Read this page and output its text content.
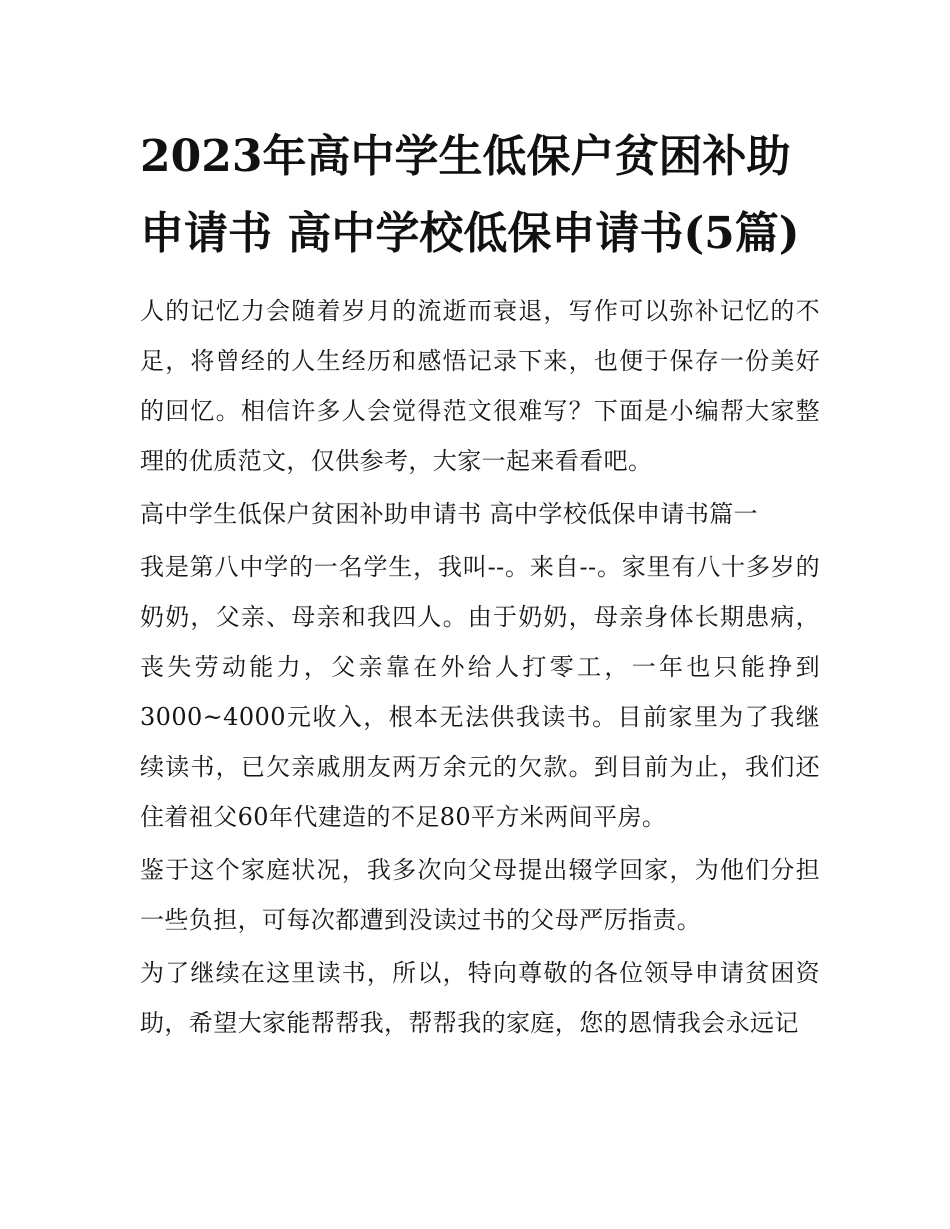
2023年高中学生低保户贫困补助申请书 高中学校低保申请书(5篇)

人的记忆力会随着岁月的流逝而衰退，写作可以弥补记忆的不足，将曾经的人生经历和感悟记录下来，也便于保存一份美好的回忆。相信许多人会觉得范文很难写？下面是小编帮大家整理的优质范文，仅供参考，大家一起来看看吧。

高中学生低保户贫困补助申请书 高中学校低保申请书篇一

我是第八中学的一名学生，我叫--。来自--。家里有八十多岁的奶奶，父亲、母亲和我四人。由于奶奶，母亲身体长期患病，丧失劳动能力，父亲靠在外给人打零工，一年也只能挣到3000~4000元收入，根本无法供我读书。目前家里为了我继续读书，已欠亲戚朋友两万余元的欠款。到目前为止，我们还住着祖父60年代建造的不足80平方米两间平房。

鉴于这个家庭状况，我多次向父母提出辍学回家，为他们分担一些负担，可每次都遭到没读过书的父母严厉指责。

为了继续在这里读书，所以，特向尊敬的各位领导申请贫困资助，希望大家能帮帮我，帮帮我的家庭，您的恩情我会永远记
